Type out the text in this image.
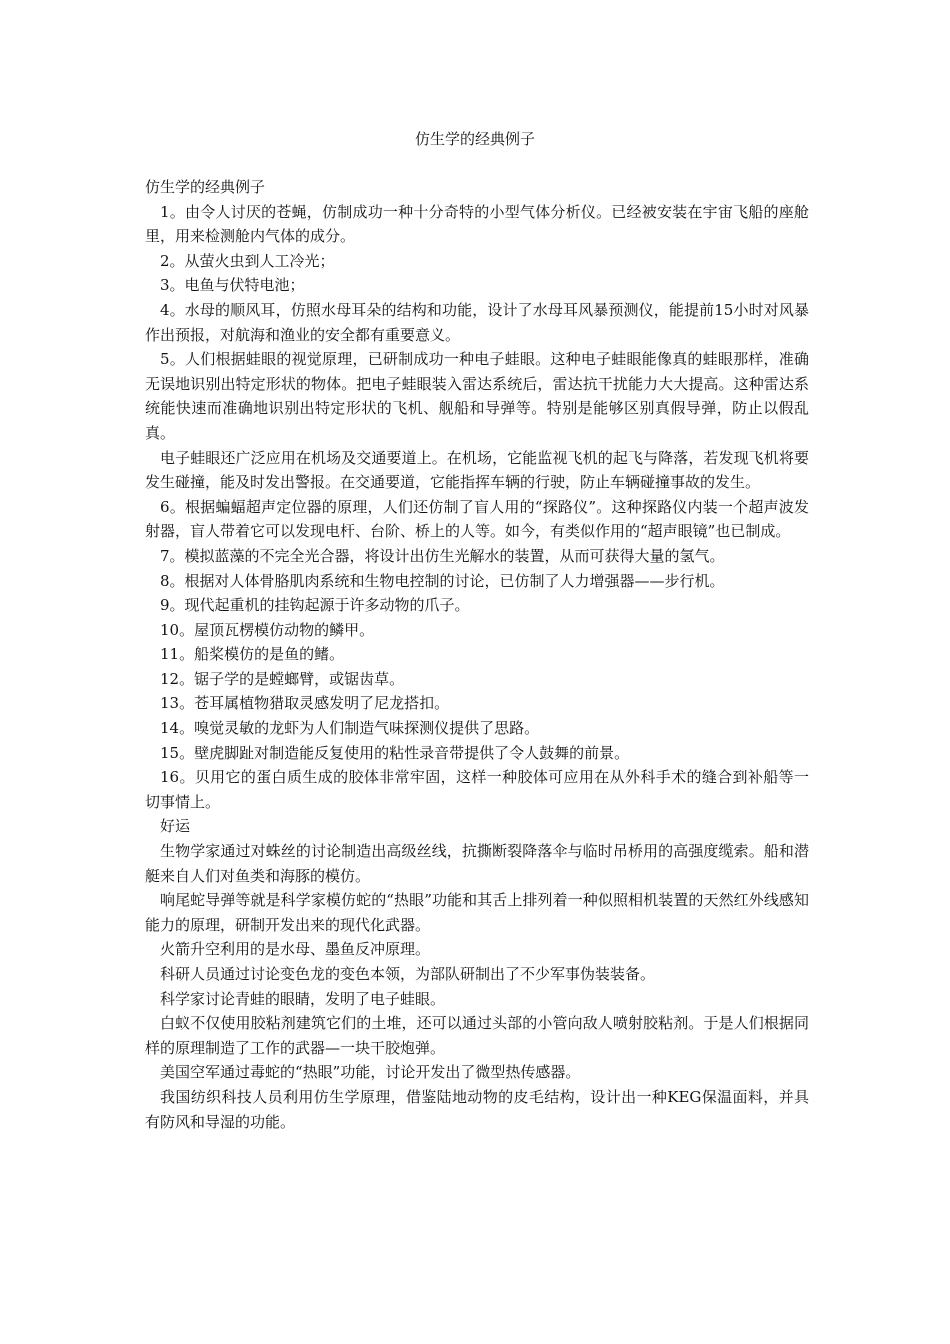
仿生学的经典例子

仿生学的经典例子

1。由令人讨厌的苍蝇，仿制成功一种十分奇特的小型气体分析仪。已经被安装在宇宙飞船的座舱里，用来检测舱内气体的成分。

2。从萤火虫到人工冷光；

3。电鱼与伏特电池；

4。水母的顺风耳，仿照水母耳朵的结构和功能，设计了水母耳风暴预测仪，能提前15小时对风暴作出预报，对航海和渔业的安全都有重要意义。

5。人们根据蛙眼的视觉原理，已研制成功一种电子蛙眼。这种电子蛙眼能像真的蛙眼那样，准确无误地识别出特定形状的物体。把电子蛙眼装入雷达系统后，雷达抗干扰能力大大提高。这种雷达系统能快速而准确地识别出特定形状的飞机、舰船和导弹等。特别是能够区别真假导弹，防止以假乱真。

电子蛙眼还广泛应用在机场及交通要道上。在机场，它能监视飞机的起飞与降落，若发现飞机将要发生碰撞，能及时发出警报。在交通要道，它能指挥车辆的行驶，防止车辆碰撞事故的发生。

6。根据蝙蝠超声定位器的原理，人们还仿制了盲人用的“探路仪”。这种探路仪内装一个超声波发射器，盲人带着它可以发现电杆、台阶、桥上的人等。如今，有类似作用的“超声眼镜”也已制成。

7。模拟蓝藻的不完全光合器，将设计出仿生光解水的装置，从而可获得大量的氢气。

8。根据对人体骨胳肌肉系统和生物电控制的讨论，已仿制了人力增强器——步行机。

9。现代起重机的挂钩起源于许多动物的爪子。

10。屋顶瓦楞模仿动物的鳞甲。

11。船桨模仿的是鱼的鳍。

12。锯子学的是螳螂臂，或锯齿草。

13。苍耳属植物猎取灵感发明了尼龙搭扣。

14。嗅觉灵敏的龙虾为人们制造气味探测仪提供了思路。

15。壁虎脚趾对制造能反复使用的粘性录音带提供了令人鼓舞的前景。

16。贝用它的蛋白质生成的胶体非常牢固，这样一种胶体可应用在从外科手术的缝合到补船等一切事情上。

好运

生物学家通过对蛛丝的讨论制造出高级丝线，抗撕断裂降落伞与临时吊桥用的高强度缆索。船和潜艇来自人们对鱼类和海豚的模仿。

响尾蛇导弹等就是科学家模仿蛇的“热眼”功能和其舌上排列着一种似照相机装置的天然红外线感知能力的原理，研制开发出来的现代化武器。

火箭升空利用的是水母、墨鱼反冲原理。

科研人员通过讨论变色龙的变色本领，为部队研制出了不少军事伪装装备。

科学家讨论青蛙的眼睛，发明了电子蛙眼。

白蚁不仅使用胶粘剂建筑它们的土堆，还可以通过头部的小管向敌人喷射胶粘剂。于是人们根据同样的原理制造了工作的武器—一块干胶炮弹。

美国空军通过毒蛇的“热眼”功能，讨论开发出了微型热传感器。

我国纺织科技人员利用仿生学原理，借鉴陆地动物的皮毛结构，设计出一种KEG保温面料，并具有防风和导湿的功能。
